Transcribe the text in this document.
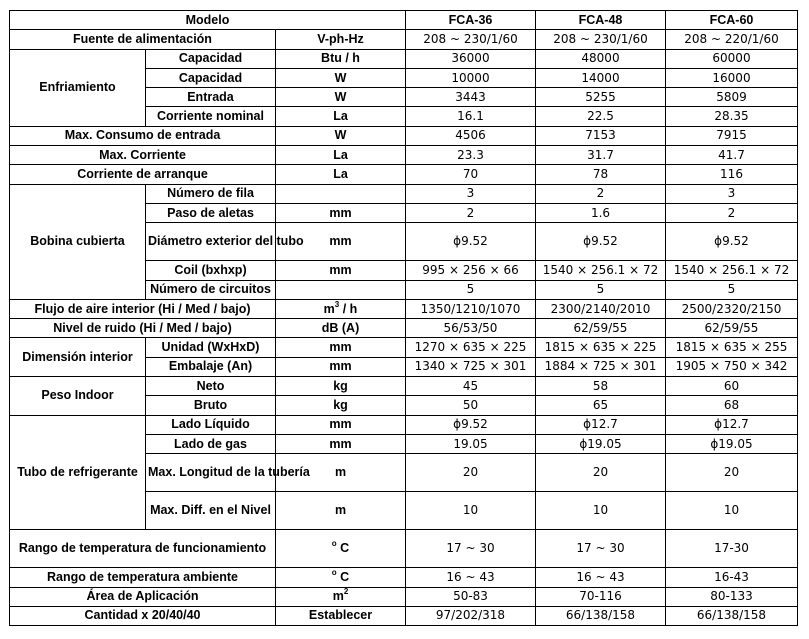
Modelo			FCA-36	FCA-48	FCA-60
Fuente de alimentación		V-ph-Hz	208 ~ 230/1/60	208 ~ 230/1/60	208 ~ 220/1/60
Enfriamiento	Capacidad	Btu / h	36000	48000	60000
	Capacidad	W	10000	14000	16000
	Entrada	W	3443	5255	5809
	Corriente nominal	La	16.1	22.5	28.35
Max. Consumo de entrada		W	4506	7153	7915
Max. Corriente		La	23.3	31.7	41.7
Corriente de arranque		La	70	78	116
Bobina cubierta	Número de fila		3	2	3
	Paso de aletas	mm	2	1.6	2
	Diámetro exterior del tubo	mm	ϕ9.52	ϕ9.52	ϕ9.52
	Coil (bxhxp)	mm	995 × 256 × 66	1540 × 256.1 × 72	1540 × 256.1 × 72
	Número de circuitos		5	5	5
Flujo de aire interior (Hi / Med / bajo)		$m^3$ / h	1350/1210/1070	2300/2140/2010	2500/2320/2150
Nivel de ruido (Hi / Med / bajo)		dB (A)	56/53/50	62/59/55	62/59/55
Dimensión interior	Unidad (WxHxD)	mm	1270 × 635 × 225	1815 × 635 × 225	1815 × 635 × 255
	Embalaje (An)	mm	1340 × 725 × 301	1884 × 725 × 301	1905 × 750 × 342
Peso Indoor	Neto	kg	45	58	60
	Bruto	kg	50	65	68
Tubo de refrigerante	Lado Líquido	mm	ϕ9.52	ϕ12.7	ϕ12.7
	Lado de gas	mm	19.05	ϕ19.05	ϕ19.05
	Max. Longitud de la tubería	m	20	20	20
	Max. Diff. en el Nivel	m	10	10	10
Rango de temperatura de funcionamiento		$^o$ C	17 ~ 30	17 ~ 30	17-30
Rango de temperatura ambiente		$^o$ C	16 ~ 43	16 ~ 43	16-43
Área de Aplicación		$m^2$	50-83	70-116	80-133
Cantidad x 20/40/40		Establecer	97/202/318	66/138/158	66/138/158
